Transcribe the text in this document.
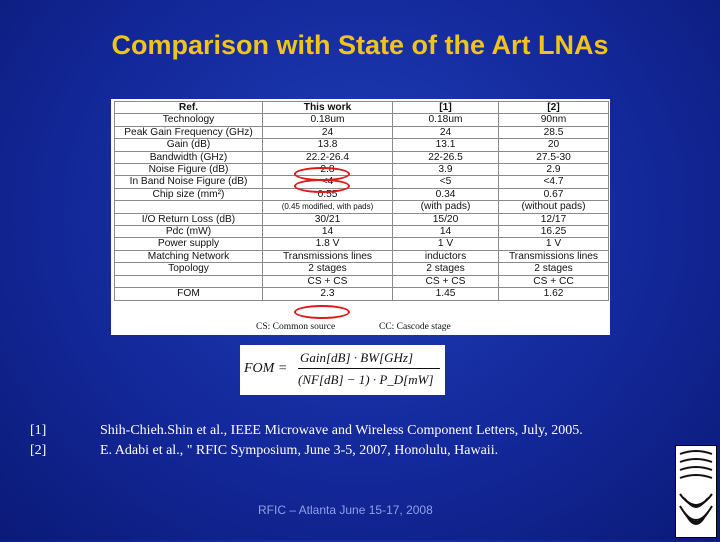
Comparison with State of the Art LNAs
Ref.	This work	[1]	[2]
Technology	0.18um	0.18um	90nm
Peak Gain Frequency (GHz)	24	24	28.5
Gain (dB)	13.8	13.1	20
Bandwidth (GHz)	22.2-26.4	22-26.5	27.5-30
Noise Figure (dB)	2.8	3.9	2.9
In Band Noise Figure (dB)	<4	<5	<4.7
Chip size (mm²)	0.55	0.34	0.67
	(0.45 modified, with pads)	(with pads)	(without pads)
I/O Return Loss (dB)	30/21	15/20	12/17
Pdc (mW)	14	14	16.25
Power supply	1.8 V	1 V	1 V
Matching Network	Transmissions lines	inductors	Transmissions lines
Topology	2 stages	2 stages	2 stages
	CS + CS	CS + CS	CS + CC
FOM	2.3	1.45	1.62
CS: Common source	CC: Cascode stage
FOM =
Gain[dB] · BW[GHz]
(NF[dB] − 1) · P_D[mW]
[1]	Shih-Chieh.Shin et al., IEEE Microwave and Wireless Component Letters, July, 2005.
[2]	E. Adabi et al., " RFIC Symposium, June 3-5, 2007, Honolulu, Hawaii.
RFIC – Atlanta June 15-17, 2008
